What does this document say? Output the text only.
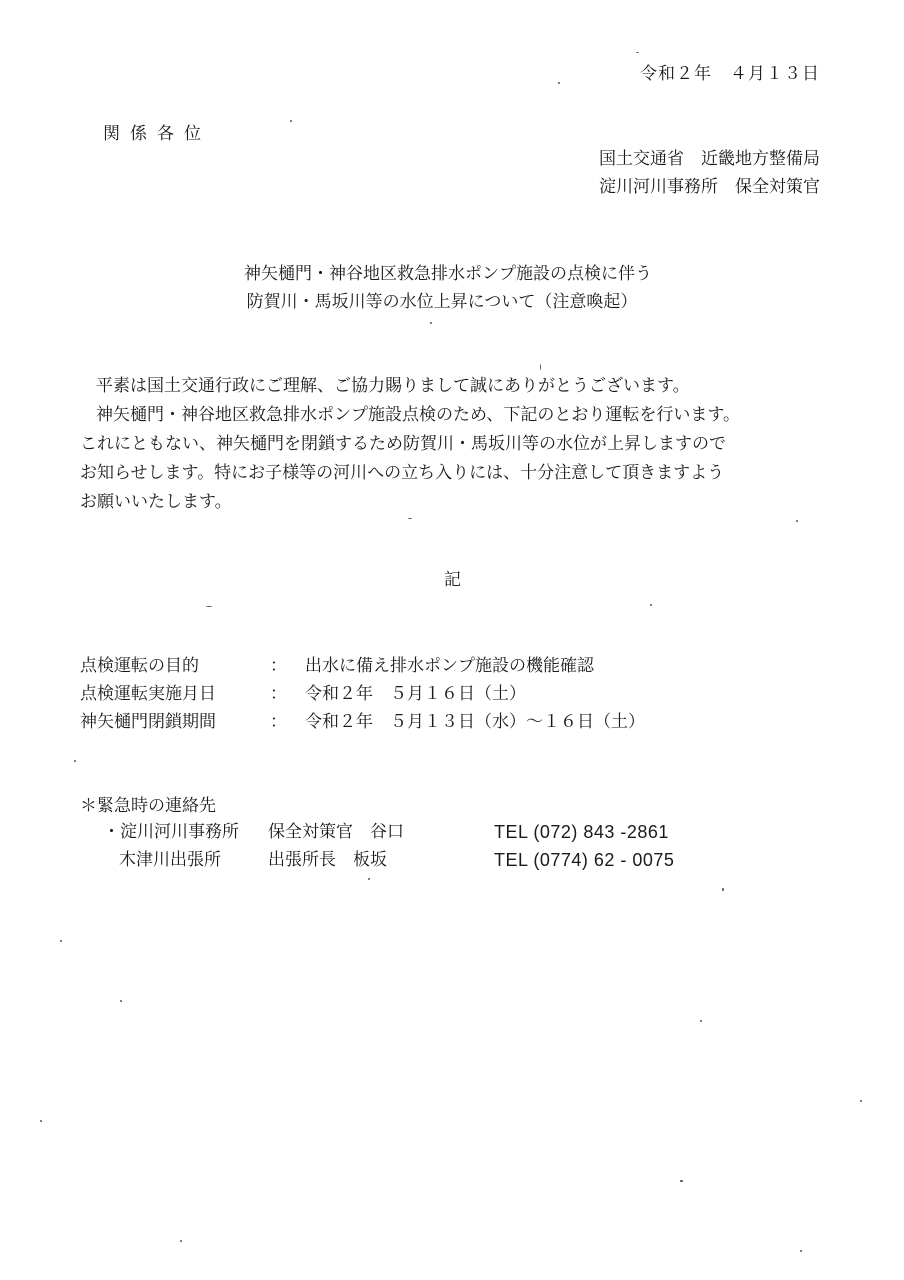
令和２年　４月１３日
関係各位
国土交通省　近畿地方整備局
淀川河川事務所　保全対策官
神矢樋門・神谷地区救急排水ポンプ施設の点検に伴う
防賀川・馬坂川等の水位上昇について（注意喚起）
平素は国土交通行政にご理解、ご協力賜りまして誠にありがとうございます。
神矢樋門・神谷地区救急排水ポンプ施設点検のため、下記のとおり運転を行います。
これにともない、神矢樋門を閉鎖するため防賀川・馬坂川等の水位が上昇しますので
お知らせします。特にお子様等の河川への立ち入りには、十分注意して頂きますよう
お願いいたします。
記
点検運転の目的	： 出水に備え排水ポンプ施設の機能確認
点検運転実施月日	： 令和２年　５月１６日（土）
神矢樋門閉鎖期間	： 令和２年　５月１３日（水）～１６日（土）
＊緊急時の連絡先
・淀川河川事務所 保全対策官　谷口	TEL (072) 843 -2861
木津川出張所	出張所長　板坂	TEL (0774) 62 - 0075
